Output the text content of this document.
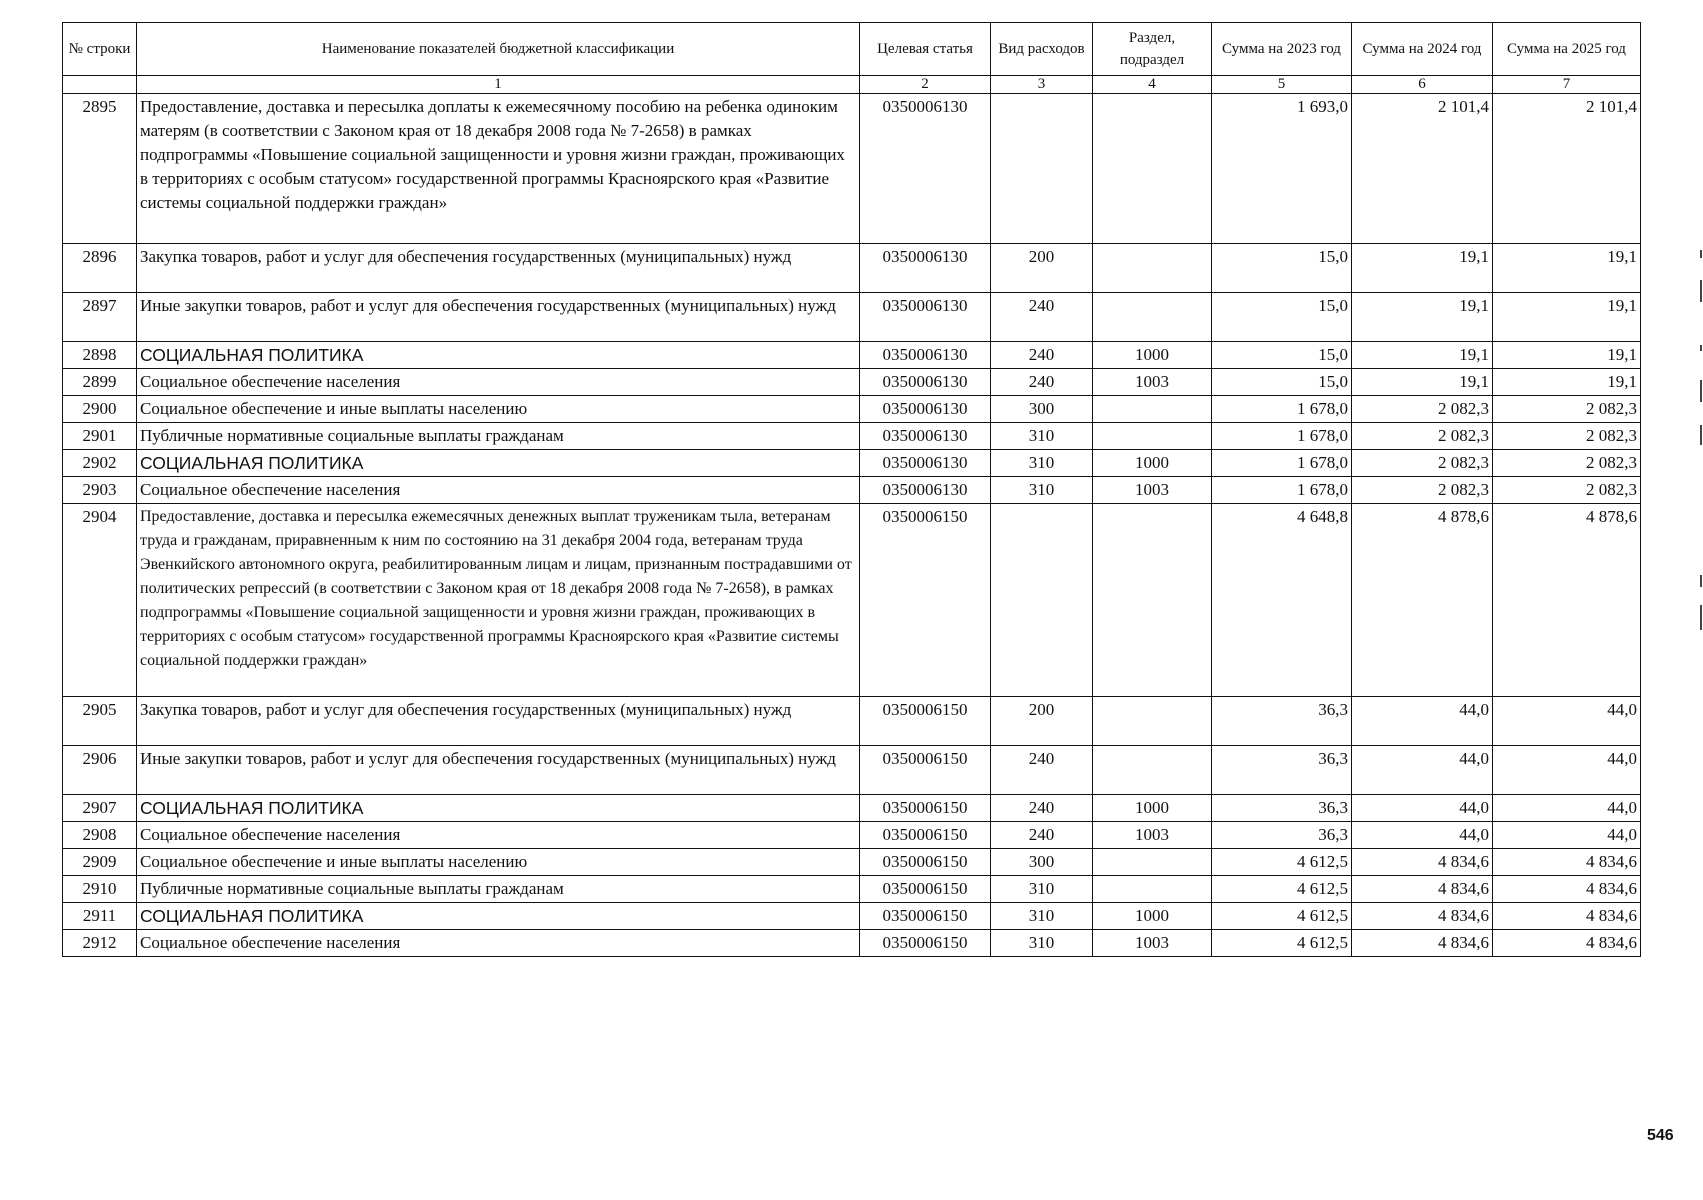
№ строки	Наименование показателей бюджетной классификации	Целевая статья	Вид расходов	Раздел, подраздел	Сумма на 2023 год	Сумма на 2024 год	Сумма на 2025 год
	1	2	3	4	5	6	7
2895	Предоставление, доставка и пересылка доплаты к ежемесячному пособию на ребенка одиноким матерям (в соответствии с Законом края от 18 декабря 2008 года № 7-2658) в рамках подпрограммы «Повышение социальной защищенности и уровня жизни граждан, проживающих в территориях с особым статусом» государственной программы Красноярского края «Развитие системы социальной поддержки граждан»	0350006130			1 693,0	2 101,4	2 101,4
2896	Закупка товаров, работ и услуг для обеспечения государственных (муниципальных) нужд	0350006130	200		15,0	19,1	19,1
2897	Иные закупки товаров, работ и услуг для обеспечения государственных (муниципальных) нужд	0350006130	240		15,0	19,1	19,1
2898	СОЦИАЛЬНАЯ ПОЛИТИКА	0350006130	240	1000	15,0	19,1	19,1
2899	Социальное обеспечение населения	0350006130	240	1003	15,0	19,1	19,1
2900	Социальное обеспечение и иные выплаты населению	0350006130	300		1 678,0	2 082,3	2 082,3
2901	Публичные нормативные социальные выплаты гражданам	0350006130	310		1 678,0	2 082,3	2 082,3
2902	СОЦИАЛЬНАЯ ПОЛИТИКА	0350006130	310	1000	1 678,0	2 082,3	2 082,3
2903	Социальное обеспечение населения	0350006130	310	1003	1 678,0	2 082,3	2 082,3
2904	Предоставление, доставка и пересылка ежемесячных денежных выплат труженикам тыла, ветеранам труда и гражданам, приравненным к ним по состоянию на 31 декабря 2004 года, ветеранам труда Эвенкийского автономного округа, реабилитированным лицам и лицам, признанным пострадавшими от политических репрессий (в соответствии с Законом края от 18 декабря 2008 года № 7-2658), в рамках подпрограммы «Повышение социальной защищенности и уровня жизни граждан, проживающих в территориях с особым статусом» государственной программы Красноярского края «Развитие системы социальной поддержки граждан»	0350006150			4 648,8	4 878,6	4 878,6
2905	Закупка товаров, работ и услуг для обеспечения государственных (муниципальных) нужд	0350006150	200		36,3	44,0	44,0
2906	Иные закупки товаров, работ и услуг для обеспечения государственных (муниципальных) нужд	0350006150	240		36,3	44,0	44,0
2907	СОЦИАЛЬНАЯ ПОЛИТИКА	0350006150	240	1000	36,3	44,0	44,0
2908	Социальное обеспечение населения	0350006150	240	1003	36,3	44,0	44,0
2909	Социальное обеспечение и иные выплаты населению	0350006150	300		4 612,5	4 834,6	4 834,6
2910	Публичные нормативные социальные выплаты гражданам	0350006150	310		4 612,5	4 834,6	4 834,6
2911	СОЦИАЛЬНАЯ ПОЛИТИКА	0350006150	310	1000	4 612,5	4 834,6	4 834,6
2912	Социальное обеспечение населения	0350006150	310	1003	4 612,5	4 834,6	4 834,6
546
